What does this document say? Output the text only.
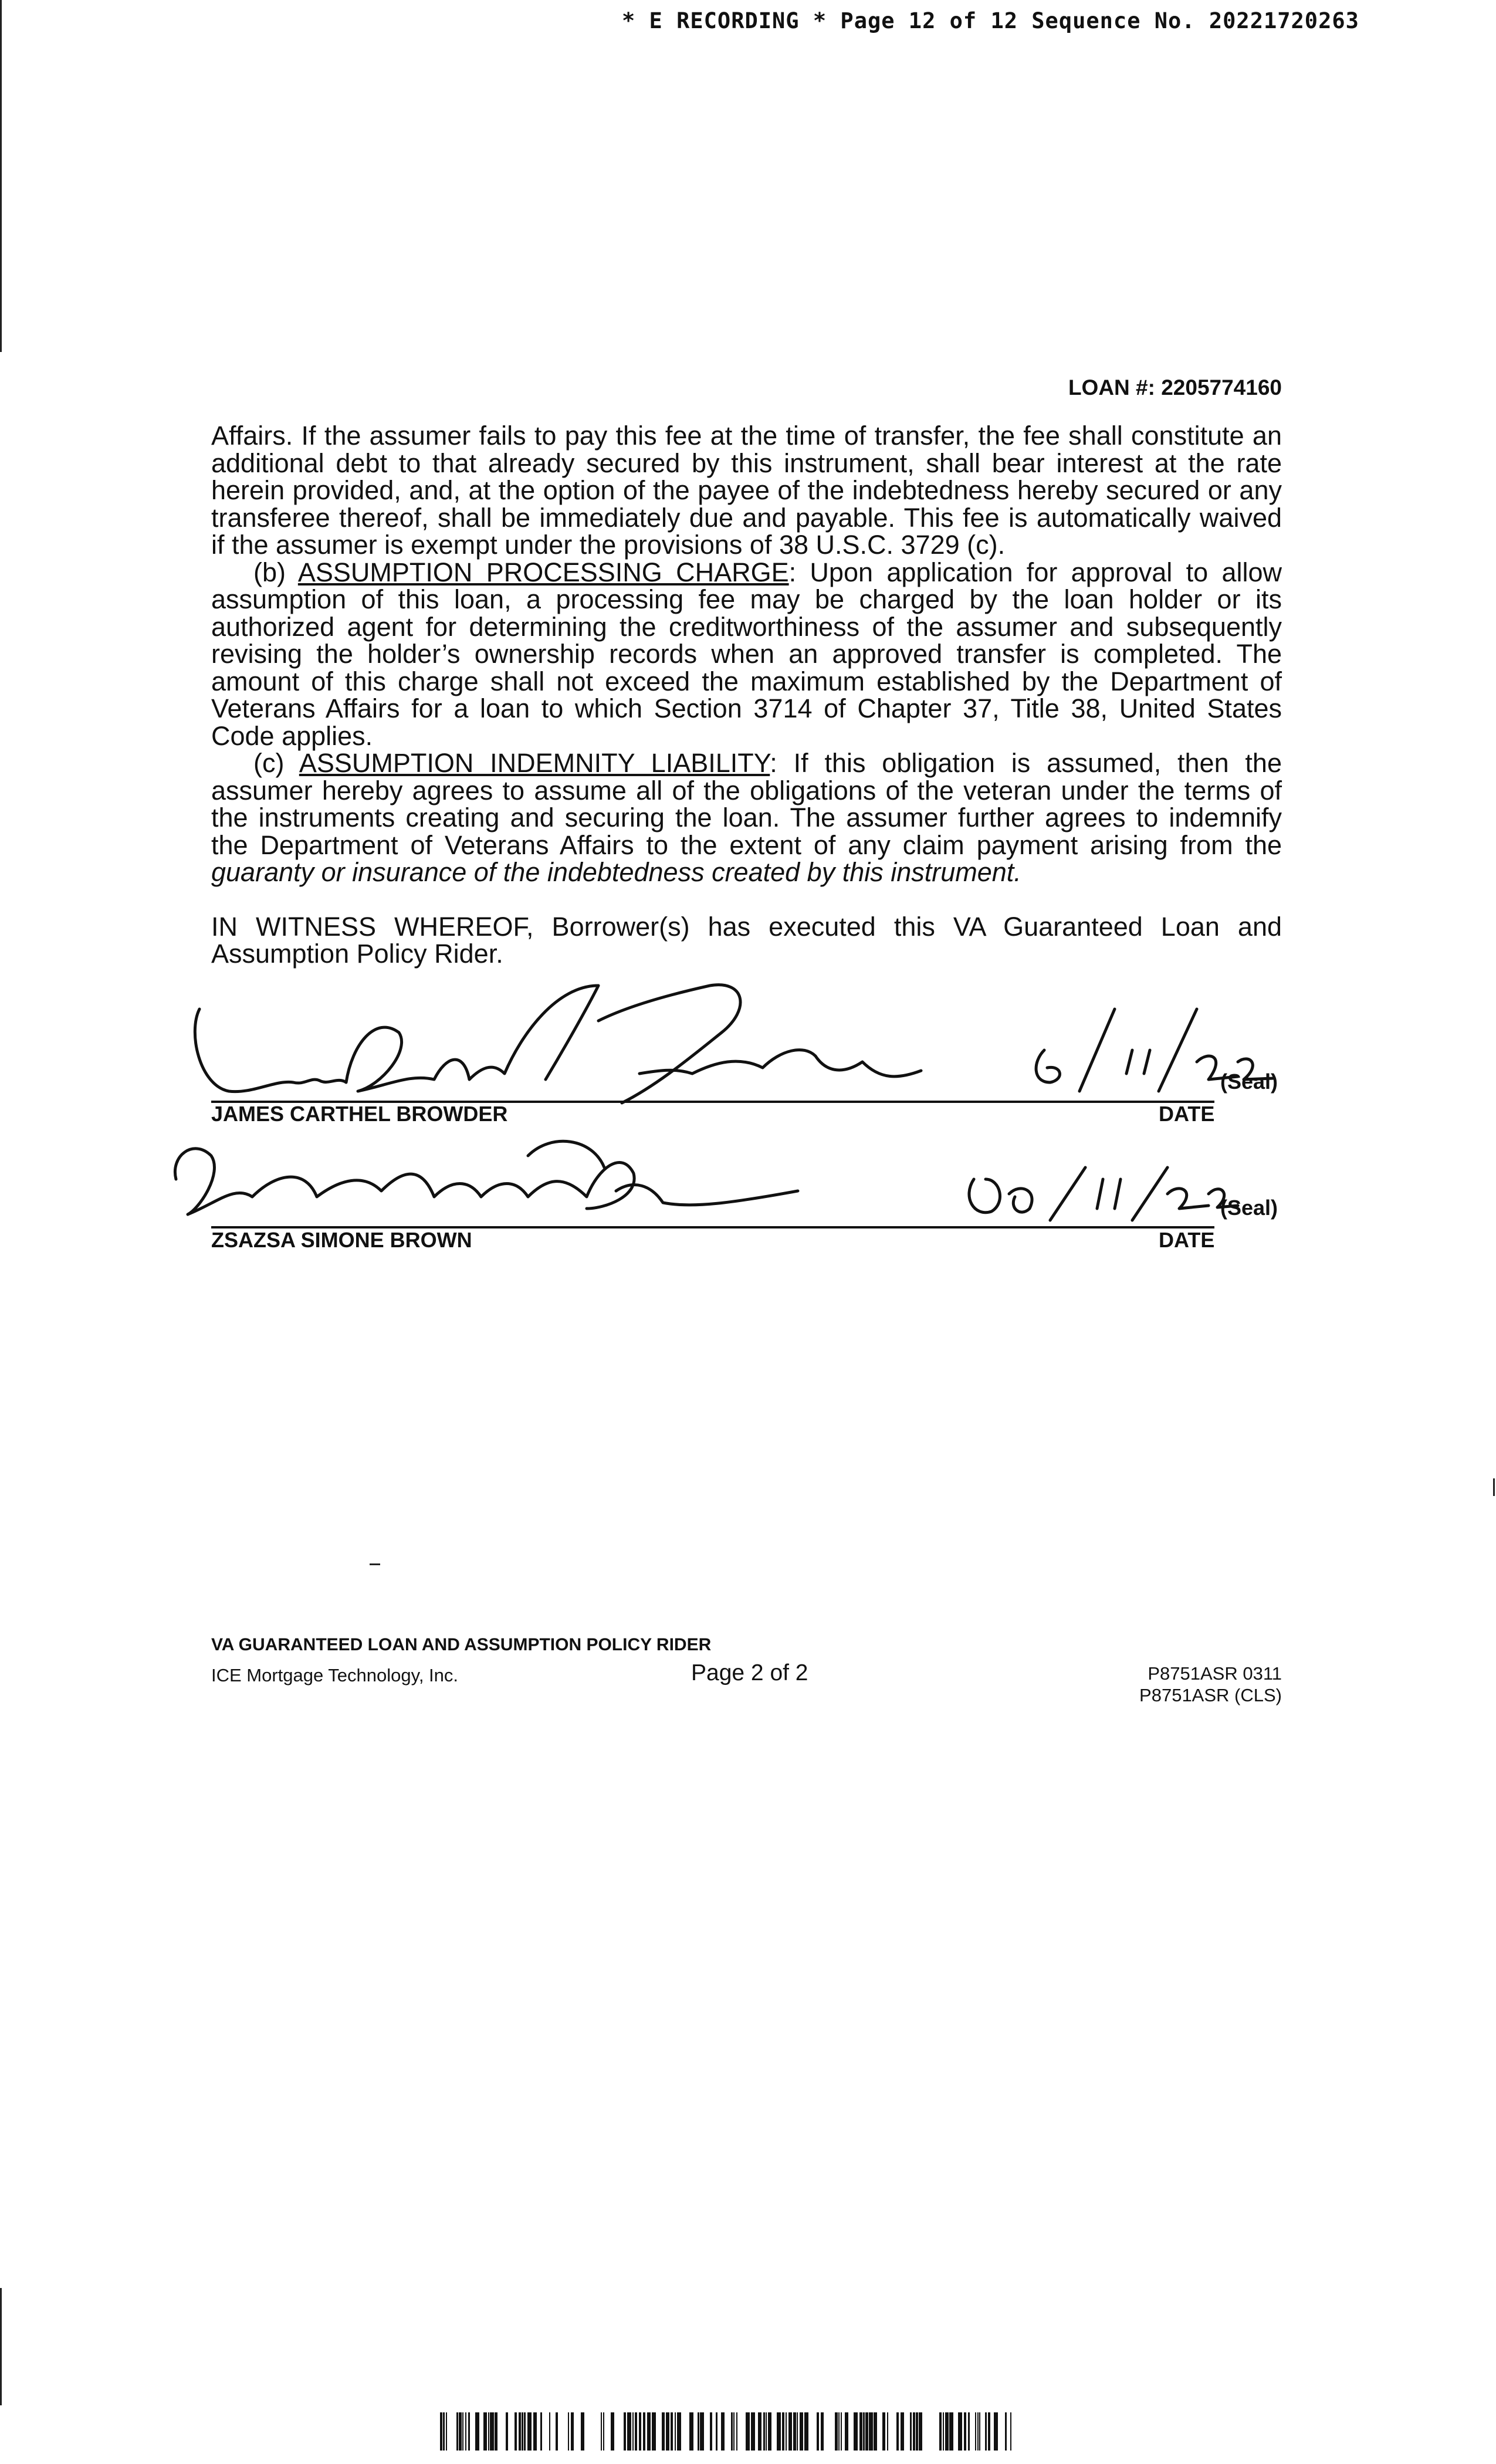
* E RECORDING * Page 12 of 12 Sequence No. 20221720263
LOAN #: 2205774160

Affairs. If the assumer fails to pay this fee at the time of transfer, the fee shall constitute an additional debt to that already secured by this instrument, shall bear interest at the rate herein provided, and, at the option of the payee of the indebtedness hereby secured or any transferee thereof, shall be immediately due and payable. This fee is automatically waived if the assumer is exempt under the provisions of 38 U.S.C. 3729 (c).

(b) ASSUMPTION PROCESSING CHARGE: Upon application for approval to allow assumption of this loan, a processing fee may be charged by the loan holder or its authorized agent for determining the creditworthiness of the assumer and subsequently revising the holder’s ownership records when an approved transfer is completed. The amount of this charge shall not exceed the maximum established by the Department of Veterans Affairs for a loan to which Section 3714 of Chapter 37, Title 38, United States Code applies.

(c) ASSUMPTION INDEMNITY LIABILITY: If this obligation is assumed, then the assumer hereby agrees to assume all of the obligations of the veteran under the terms of the instruments creating and securing the loan. The assumer further agrees to indemnify the Department of Veterans Affairs to the extent of any claim payment arising from the guaranty or insurance of the indebtedness created by this instrument.

IN WITNESS WHEREOF, Borrower(s) has executed this VA Guaranteed Loan and Assumption Policy Rider.

JAMES CARTHEL BROWDER
(Seal)
DATE
ZSAZSA SIMONE BROWN
(Seal)
DATE
VA GUARANTEED LOAN AND ASSUMPTION POLICY RIDER
ICE Mortgage Technology, Inc.	Page 2 of 2	P8751ASR 0311
P8751ASR (CLS)
